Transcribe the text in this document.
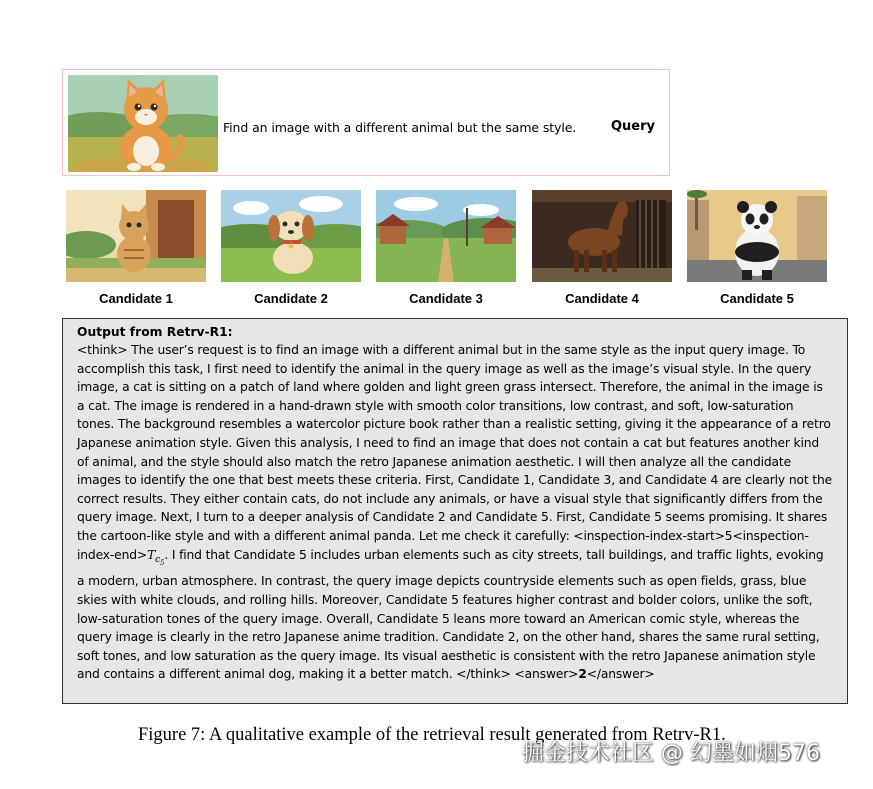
Find an image with a different animal but the same style.	Query
Candidate 1	Candidate 2	Candidate 3	Candidate 4	Candidate 5
Output from Retrv-R1:
<think> The user’s request is to find an image with a different animal but in the same style as the input query image. To accomplish this task, I first need to identify the animal in the query image as well as the image’s visual style. In the query image, a cat is sitting on a patch of land where golden and light green grass intersect. Therefore, the animal in the image is a cat. The image is rendered in a hand-drawn style with smooth color transitions, low contrast, and soft, low-saturation tones. The background resembles a watercolor picture book rather than a realistic setting, giving it the appearance of a retro Japanese animation style. Given this analysis, I need to find an image that does not contain a cat but features another kind of animal, and the style should also match the retro Japanese animation aesthetic. I will then analyze all the candidate images to identify the one that best meets these criteria. First, Candidate 1, Candidate 3, and Candidate 4 are clearly not the correct results. They either contain cats, do not include any animals, or have a visual style that significantly differs from the query image. Next, I turn to a deeper analysis of Candidate 2 and Candidate 5. First, Candidate 5 seems promising. It shares the cartoon-like style and with a different animal panda. Let me check it carefully: $<inspection-index-start>5<inspection-index-end>T_{c_5}$. I find that Candidate 5 includes urban elements such as city streets, tall buildings, and traffic lights, evoking a modern, urban atmosphere. In contrast, the query image depicts countryside elements such as open fields, grass, blue skies with white clouds, and rolling hills. Moreover, Candidate 5 features higher contrast and bolder colors, unlike the soft, low-saturation tones of the query image. Overall, Candidate 5 leans more toward an American comic style, whereas the query image is clearly in the retro Japanese anime tradition. Candidate 2, on the other hand, shares the same rural setting, soft tones, and low saturation as the query image. Its visual aesthetic is consistent with the retro Japanese animation style and contains a different animal dog, making it a better match. </think> <answer>2</answer>
Figure 7: A qualitative example of the retrieval result generated from Retrv-R1.
掘金技术社区 @ 幻墨如烟576
